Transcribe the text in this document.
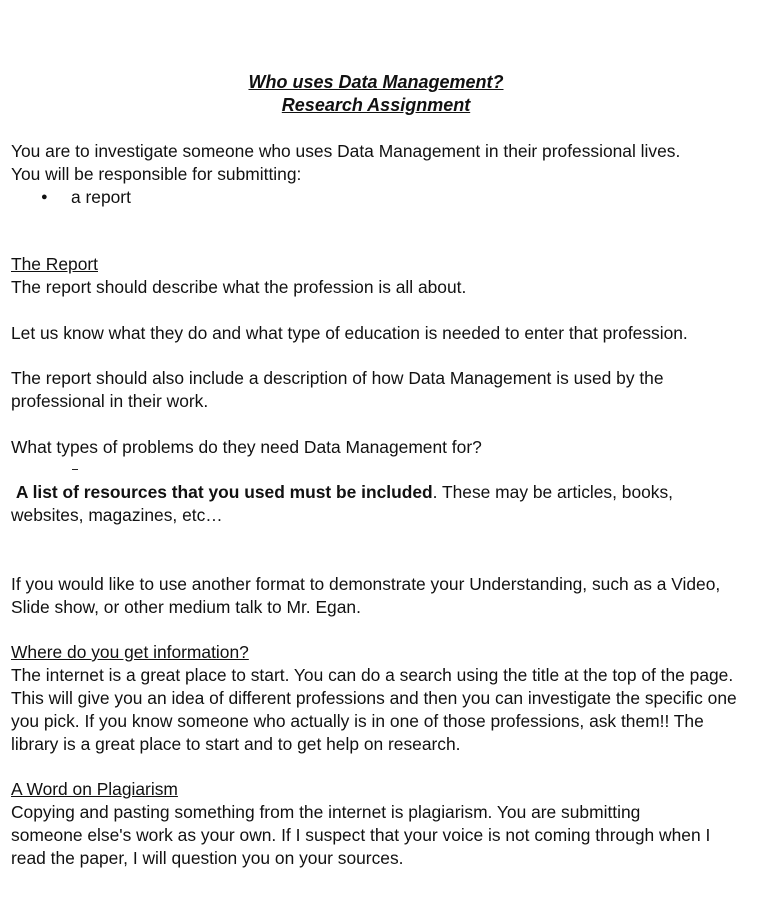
Who uses Data Management?
Research Assignment

You are to investigate someone who uses Data Management in their professional lives.

You will be responsible for submitting:

● a report

The Report

The report should describe what the profession is all about.

Let us know what they do and what type of education is needed to enter that profession.

The report should also include a description of how Data Management is used by the professional in their work.

What types of problems do they need Data Management for?

A list of resources that you used must be included. These may be articles, books, websites, magazines, etc…

If you would like to use another format to demonstrate your Understanding, such as a Video, Slide show, or other medium talk to Mr. Egan.

Where do you get information?

The internet is a great place to start. You can do a search using the title at the top of the page. This will give you an idea of different professions and then you can investigate the specific one you pick. If you know someone who actually is in one of those professions, ask them!! The library is a great place to start and to get help on research.

A Word on Plagiarism

Copying and pasting something from the internet is plagiarism. You are submitting someone else's work as your own. If I suspect that your voice is not coming through when I read the paper, I will question you on your sources.
